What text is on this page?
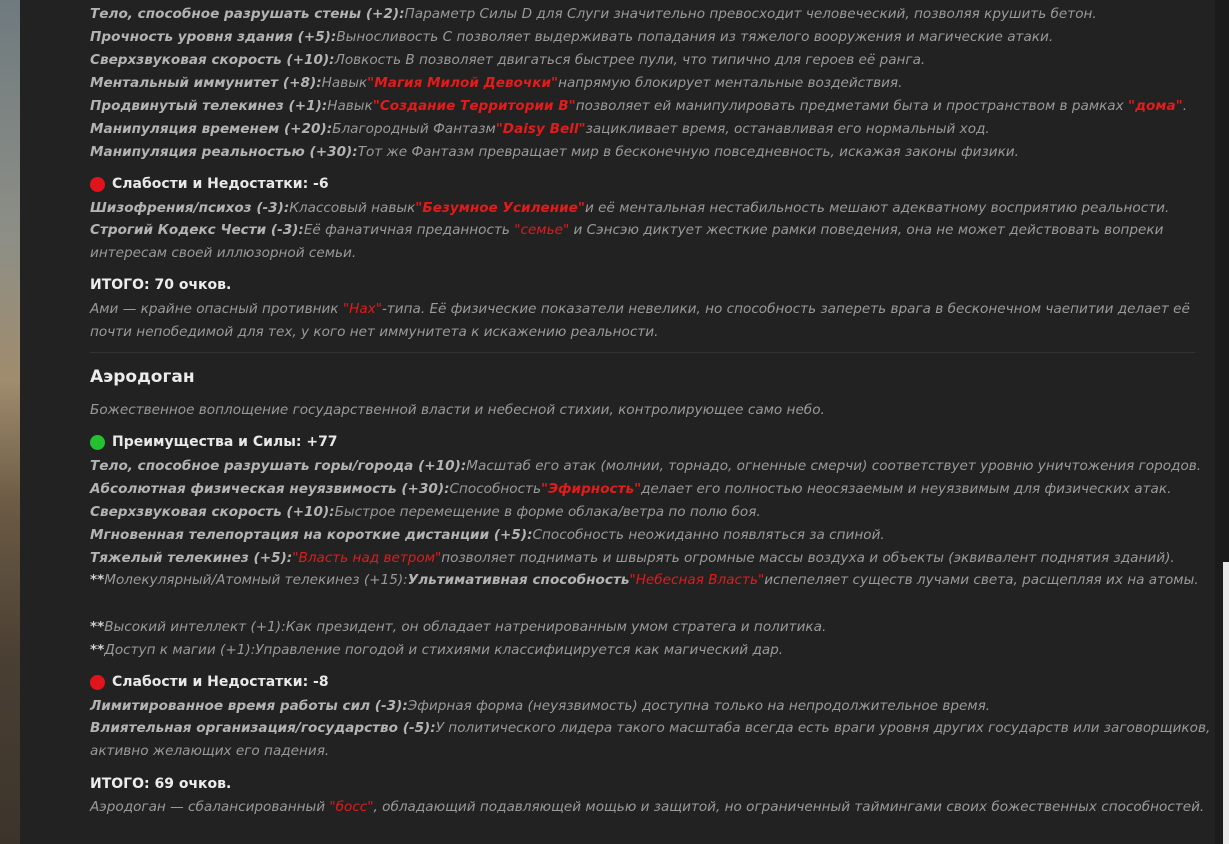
Тело, способное разрушать стены (+2):Параметр Силы D для Слуги значительно превосходит человеческий, позволяя крушить бетон.
Прочность уровня здания (+5):Выносливость C позволяет выдерживать попадания из тяжелого вооружения и магические атаки.
Сверхзвуковая скорость (+10):Ловкость B позволяет двигаться быстрее пули, что типично для героев её ранга.
Ментальный иммунитет (+8):Навык"Магия Милой Девочки"напрямую блокирует ментальные воздействия.
Продвинутый телекинез (+1):Навык"Создание Территории B"позволяет ей манипулировать предметами быта и пространством в рамках "дома".
Манипуляция временем (+20):Благородный Фантазм"Daisy Bell"зацикливает время, останавливая его нормальный ход.
Манипуляция реальностью (+30):Тот же Фантазм превращает мир в бесконечную повседневность, искажая законы физики.
Слабости и Недостатки: -6
Шизофрения/психоз (-3):Классовый навык"Безумное Усиление"и её ментальная нестабильность мешают адекватному восприятию реальности.
Строгий Кодекс Чести (-3):Её фанатичная преданность "семье" и Сэнсэю диктует жесткие рамки поведения, она не может действовать вопреки интересам своей иллюзорной семьи.
ИТОГО: 70 очков.
Ами — крайне опасный противник "Нах"-типа. Её физические показатели невелики, но способность запереть врага в бесконечном чаепитии делает её почти непобедимой для тех, у кого нет иммунитета к искажению реальности.
Аэродоган
Божественное воплощение государственной власти и небесной стихии, контролирующее само небо.
Преимущества и Силы: +77
Тело, способное разрушать горы/города (+10):Масштаб его атак (молнии, торнадо, огненные смерчи) соответствует уровню уничтожения городов.
Абсолютная физическая неуязвимость (+30):Способность"Эфирность"делает его полностью неосязаемым и неуязвимым для физических атак.
Сверхзвуковая скорость (+10):Быстрое перемещение в форме облака/ветра по полю боя.
Мгновенная телепортация на короткие дистанции (+5):Способность неожиданно появляться за спиной.
Тяжелый телекинез (+5):"Власть над ветром"позволяет поднимать и швырять огромные массы воздуха и объекты (эквивалент поднятия зданий).
**Молекулярный/Атомный телекинез (+15):Ультимативная способность"Небесная Власть"испепеляет существ лучами света, расщепляя их на атомы.
**Высокий интеллект (+1):Как президент, он обладает натренированным умом стратега и политика.
**Доступ к магии (+1):Управление погодой и стихиями классифицируется как магический дар.
Слабости и Недостатки: -8
Лимитированное время работы сил (-3):Эфирная форма (неуязвимость) доступна только на непродолжительное время.
Влиятельная организация/государство (-5):У политического лидера такого масштаба всегда есть враги уровня других государств или заговорщиков, активно желающих его падения.
ИТОГО: 69 очков.
Аэродоган — сбалансированный "босс", обладающий подавляющей мощью и защитой, но ограниченный таймингами своих божественных способностей.
